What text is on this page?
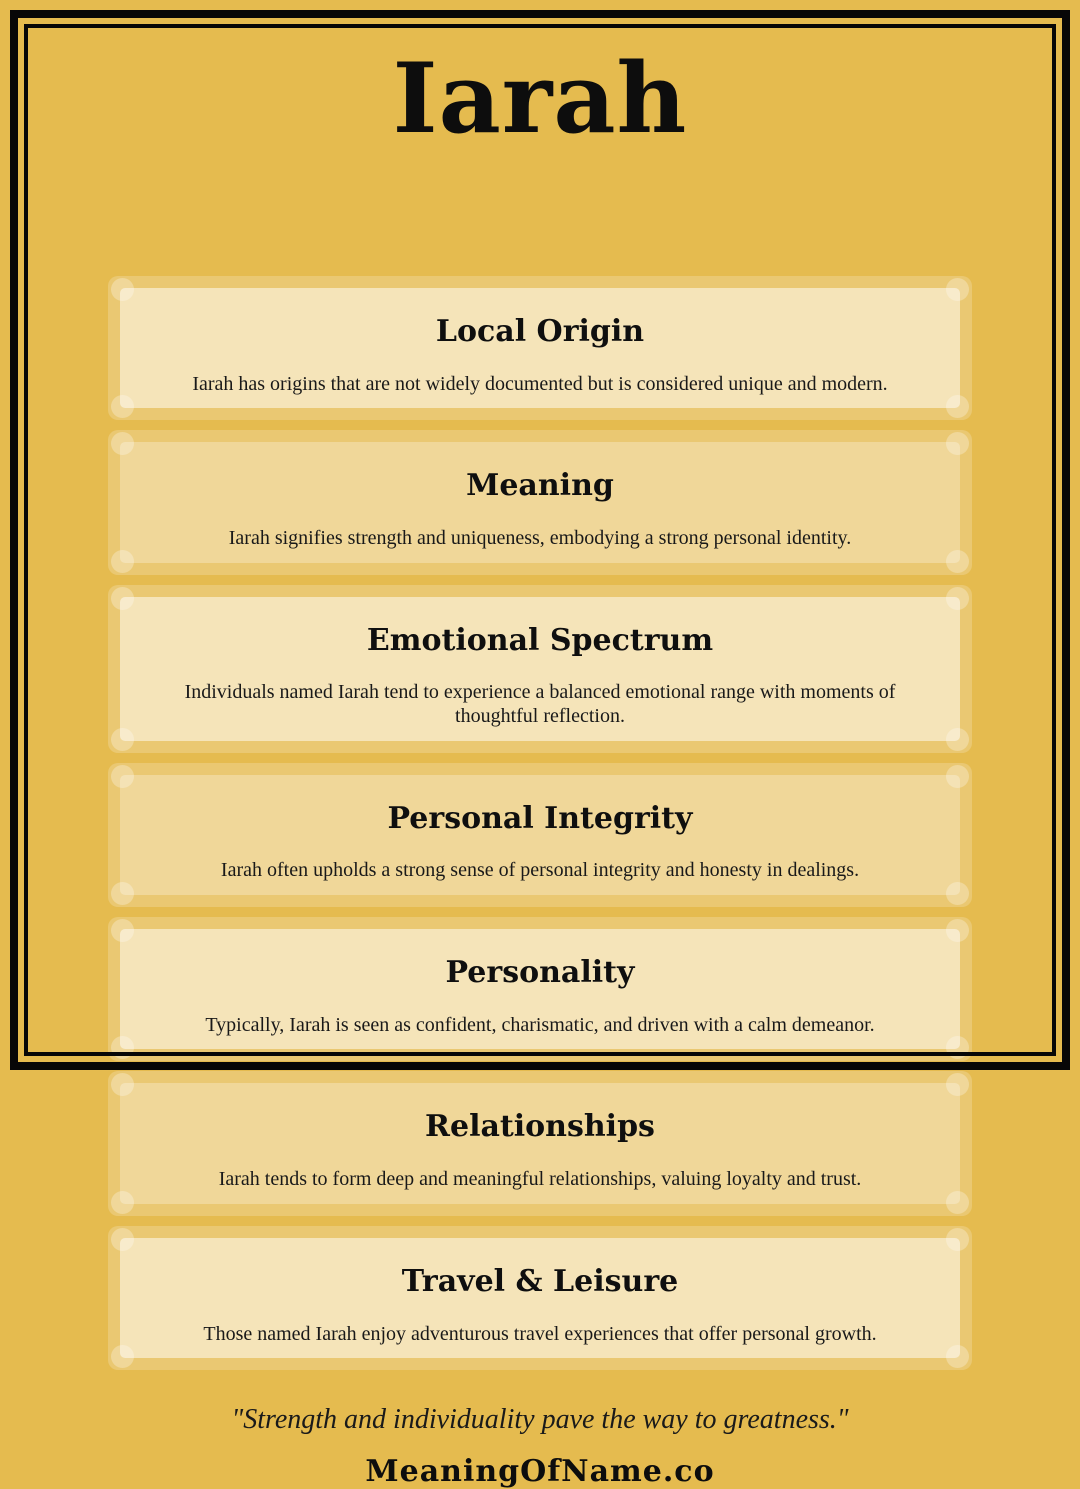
Iarah
Local Origin

Iarah has origins that are not widely documented but is considered unique and modern.

Meaning

Iarah signifies strength and uniqueness, embodying a strong personal identity.

Emotional Spectrum

Individuals named Iarah tend to experience a balanced emotional range with moments of thoughtful reflection.

Personal Integrity

Iarah often upholds a strong sense of personal integrity and honesty in dealings.

Personality

Typically, Iarah is seen as confident, charismatic, and driven with a calm demeanor.

Relationships

Iarah tends to form deep and meaningful relationships, valuing loyalty and trust.

Travel & Leisure

Those named Iarah enjoy adventurous travel experiences that offer personal growth.

"Strength and individuality pave the way to greatness."
MeaningOfName.co
